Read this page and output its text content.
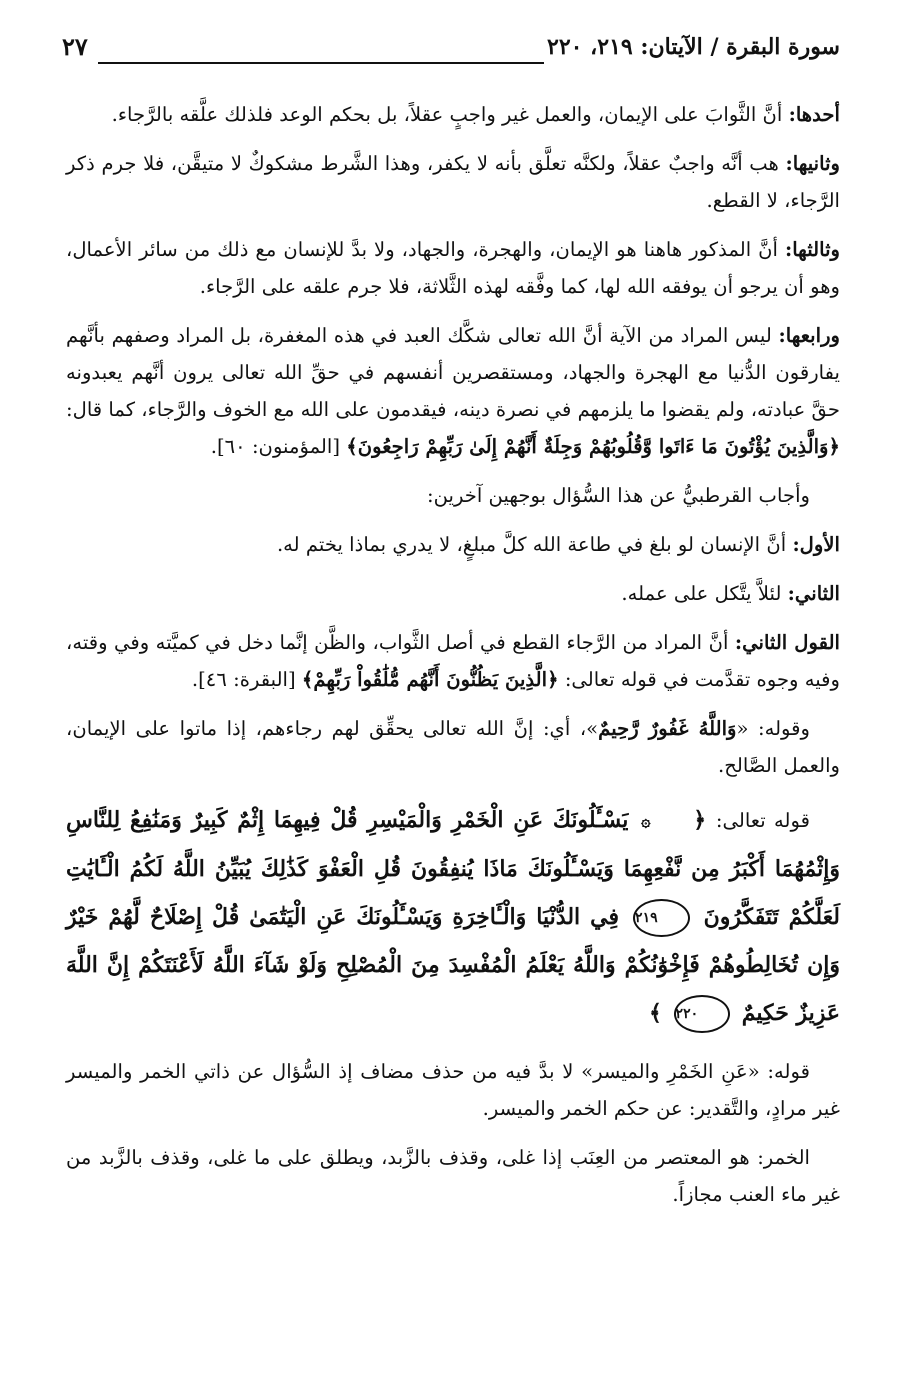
سورة البقرة / الآيتان: ٢١٩، ٢٢٠
٢٧

أحدها: أنَّ الثَّوابَ على الإيمان، والعمل غير واجبٍ عقلاً، بل بحكم الوعد فلذلك علَّقه بالرَّجاء.

وثانيها: هب أنَّه واجبٌ عقلاً، ولكنَّه تعلَّق بأنه لا يكفر، وهذا الشَّرط مشكوكٌ لا متيقَّن، فلا جرم ذكر الرَّجاء، لا القطع.

وثالثها: أنَّ المذكور هاهنا هو الإيمان، والهجرة، والجهاد، ولا بدَّ للإنسان مع ذلك من سائر الأعمال، وهو أن يرجو أن يوفقه الله لها، كما وفَّقه لهذه الثَّلاثة، فلا جرم علقه على الرَّجاء.

ورابعها: ليس المراد من الآية أنَّ الله تعالى شكَّك العبد في هذه المغفرة، بل المراد وصفهم بأنَّهم يفارقون الدُّنيا مع الهجرة والجهاد، ومستقصرين أنفسهم في حقِّ الله تعالى يرون أنَّهم يعبدونه حقَّ عبادته، ولم يقضوا ما يلزمهم في نصرة دينه، فيقدمون على الله مع الخوف والرَّجاء، كما قال: ﴿وَالَّذِينَ يُؤْتُونَ مَا ءَاتَوا وَّقُلُوبُهُمْ وَجِلَةٌ أَنَّهُمْ إِلَىٰ رَبِّهِمْ رَاجِعُونَ﴾ [المؤمنون: ٦٠].

وأجاب القرطبيُّ عن هذا السُّؤال بوجهين آخرين:

الأول: أنَّ الإنسان لو بلغ في طاعة الله كلَّ مبلغٍ، لا يدري بماذا يختم له.

الثاني: لئلاَّ يتَّكل على عمله.

القول الثاني: أنَّ المراد من الرَّجاء القطع في أصل الثَّواب، والظَّن إنَّما دخل في كميَّته وفي وقته، وفيه وجوه تقدَّمت في قوله تعالى: ﴿الَّذِينَ يَظُنُّونَ أَنَّهُم مُّلَٰقُواْ رَبِّهِمْ﴾ [البقرة: ٤٦].

وقوله: «وَاللَّهُ غَفُورٌ رَّحِيمٌ»، أي: إنَّ الله تعالى يحقِّق لهم رجاءهم، إذا ماتوا على الإيمان، والعمل الصَّالح.

قوله تعالى: ﴿ ۞ يَسْـَٔلُونَكَ عَنِ الْخَمْرِ وَالْمَيْسِرِ قُلْ فِيهِمَا إِثْمٌ كَبِيرٌ وَمَنَٰفِعُ لِلنَّاسِ وَإِثْمُهُمَا أَكْبَرُ مِن نَّفْعِهِمَا وَيَسْـَٔلُونَكَ مَاذَا يُنفِقُونَ قُلِ الْعَفْوَ كَذَٰلِكَ يُبَيِّنُ اللَّهُ لَكُمُ الْـَٔايَٰتِ لَعَلَّكُمْ تَتَفَكَّرُونَ ٢١٩ فِي الدُّنْيَا وَالْـَٔاخِرَةِ وَيَسْـَٔلُونَكَ عَنِ الْيَتَٰمَىٰ قُلْ إِصْلَاحٌ لَّهُمْ خَيْرٌ وَإِن تُخَالِطُوهُمْ فَإِخْوَٰنُكُمْ وَاللَّهُ يَعْلَمُ الْمُفْسِدَ مِنَ الْمُصْلِحِ وَلَوْ شَآءَ اللَّهُ لَأَعْنَتَكُمْ إِنَّ اللَّهَ عَزِيزٌ حَكِيمٌ ٢٢٠ ﴾

قوله: «عَنِ الخَمْرِ والميسر» لا بدَّ فيه من حذف مضاف إذ السُّؤال عن ذاتي الخمر والميسر غير مرادٍ، والتَّقدير: عن حكم الخمر والميسر.

الخمر: هو المعتصر من العِنَب إذا غلى، وقذف بالزَّبد، ويطلق على ما غلى، وقذف بالزَّبد من غير ماء العنب مجازاً.
